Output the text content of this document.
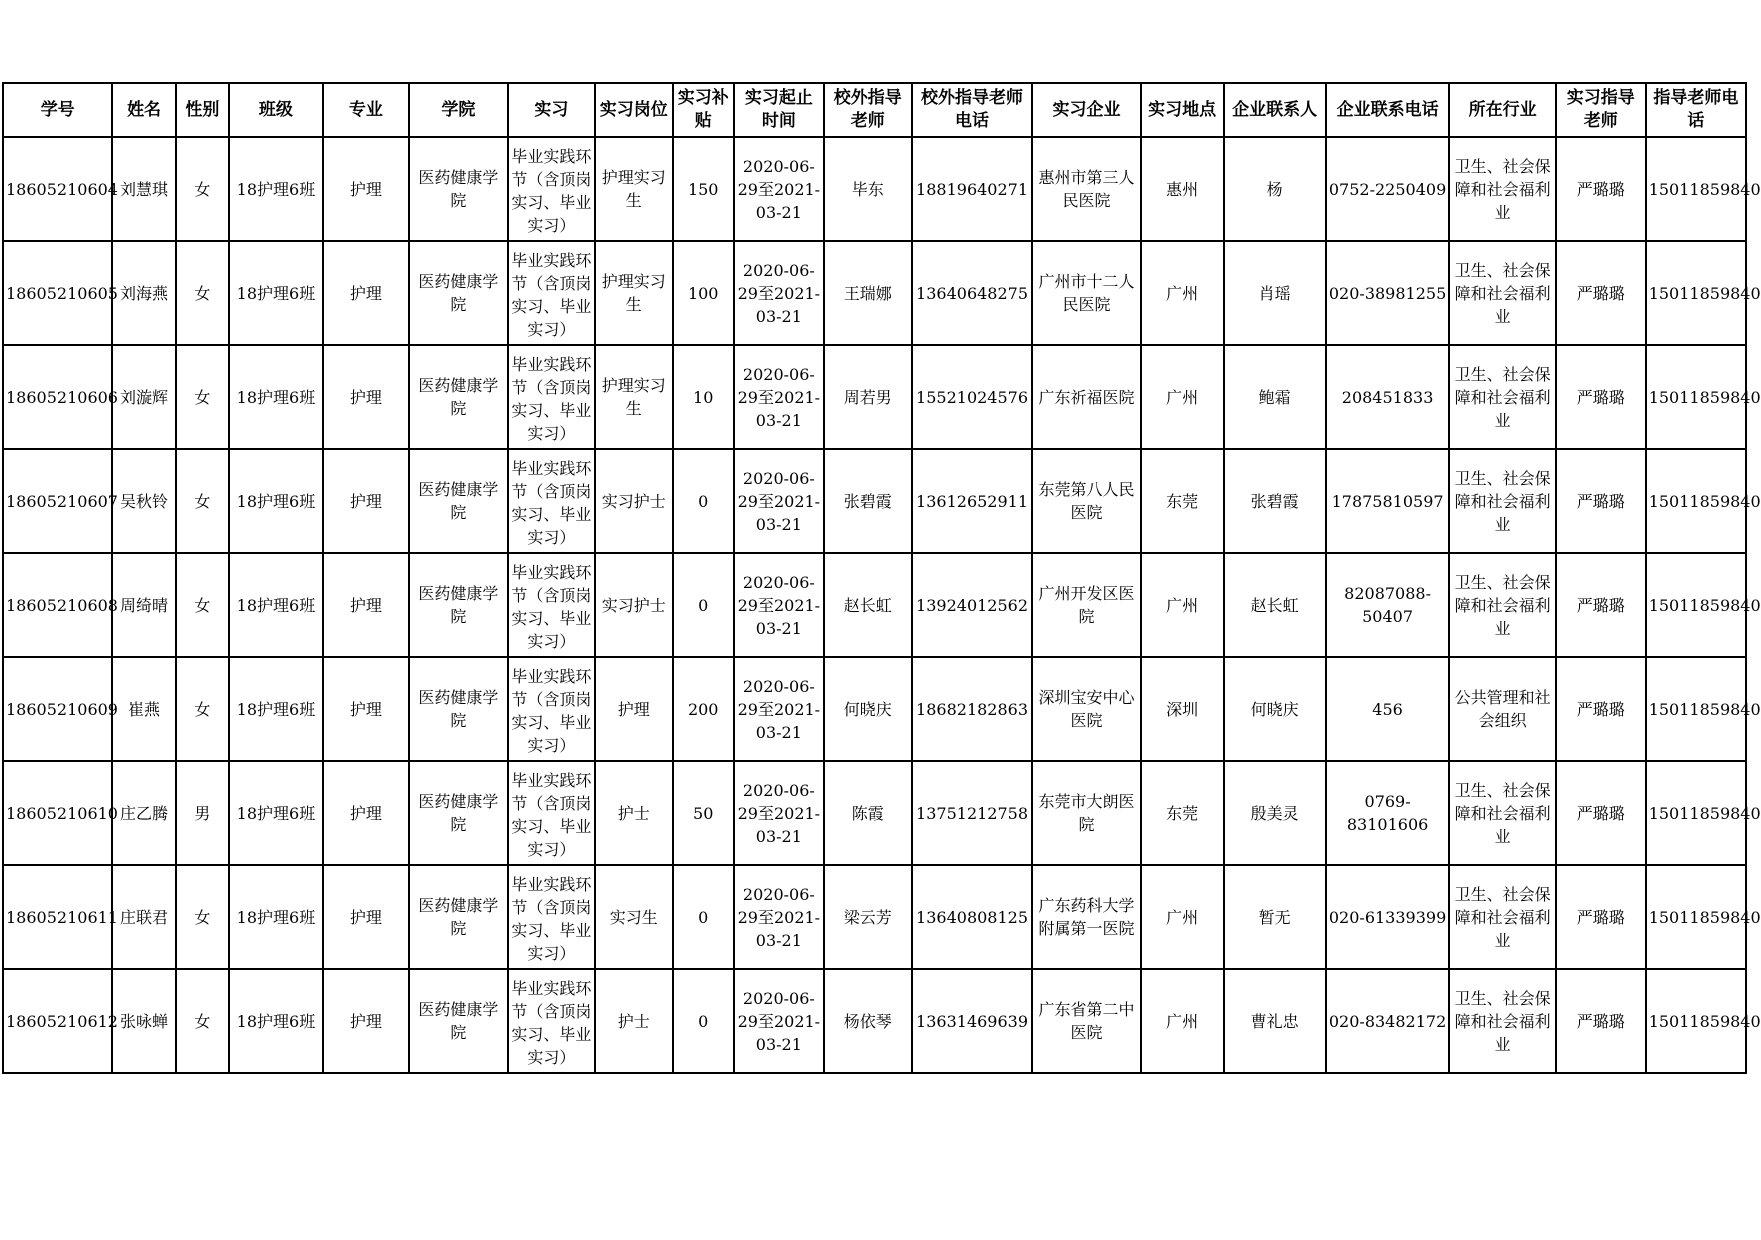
学号	姓名	性别	班级	专业	学院	实习	实习岗位	实习补贴	实习起止时间	校外指导老师	校外指导老师电话	实习企业	实习地点	企业联系人	企业联系电话	所在行业	实习指导老师	指导老师电话
18605210604	刘慧琪	女	18护理6班	护理	医药健康学院	毕业实践环节（含顶岗实习、毕业实习）	护理实习生	150	2020-06-29至2021-03-21	毕东	18819640271	惠州市第三人民医院	惠州	杨	0752-2250409	卫生、社会保障和社会福利业	严璐璐	15011859840
18605210605	刘海燕	女	18护理6班	护理	医药健康学院	毕业实践环节（含顶岗实习、毕业实习）	护理实习生	100	2020-06-29至2021-03-21	王瑞娜	13640648275	广州市十二人民医院	广州	肖瑶	020-38981255	卫生、社会保障和社会福利业	严璐璐	15011859840
18605210606	刘漩辉	女	18护理6班	护理	医药健康学院	毕业实践环节（含顶岗实习、毕业实习）	护理实习生	10	2020-06-29至2021-03-21	周若男	15521024576	广东祈福医院	广州	鲍霜	208451833	卫生、社会保障和社会福利业	严璐璐	15011859840
18605210607	吴秋铃	女	18护理6班	护理	医药健康学院	毕业实践环节（含顶岗实习、毕业实习）	实习护士	0	2020-06-29至2021-03-21	张碧霞	13612652911	东莞第八人民医院	东莞	张碧霞	17875810597	卫生、社会保障和社会福利业	严璐璐	15011859840
18605210608	周绮晴	女	18护理6班	护理	医药健康学院	毕业实践环节（含顶岗实习、毕业实习）	实习护士	0	2020-06-29至2021-03-21	赵长虹	13924012562	广州开发区医院	广州	赵长虹	82087088-50407	卫生、社会保障和社会福利业	严璐璐	15011859840
18605210609	崔燕	女	18护理6班	护理	医药健康学院	毕业实践环节（含顶岗实习、毕业实习）	护理	200	2020-06-29至2021-03-21	何晓庆	18682182863	深圳宝安中心医院	深圳	何晓庆	456	公共管理和社会组织	严璐璐	15011859840
18605210610	庄乙腾	男	18护理6班	护理	医药健康学院	毕业实践环节（含顶岗实习、毕业实习）	护士	50	2020-06-29至2021-03-21	陈霞	13751212758	东莞市大朗医院	东莞	殷美灵	0769-83101606	卫生、社会保障和社会福利业	严璐璐	15011859840
18605210611	庄联君	女	18护理6班	护理	医药健康学院	毕业实践环节（含顶岗实习、毕业实习）	实习生	0	2020-06-29至2021-03-21	梁云芳	13640808125	广东药科大学附属第一医院	广州	暂无	020-61339399	卫生、社会保障和社会福利业	严璐璐	15011859840
18605210612	张咏蝉	女	18护理6班	护理	医药健康学院	毕业实践环节（含顶岗实习、毕业实习）	护士	0	2020-06-29至2021-03-21	杨依琴	13631469639	广东省第二中医院	广州	曹礼忠	020-83482172	卫生、社会保障和社会福利业	严璐璐	15011859840
